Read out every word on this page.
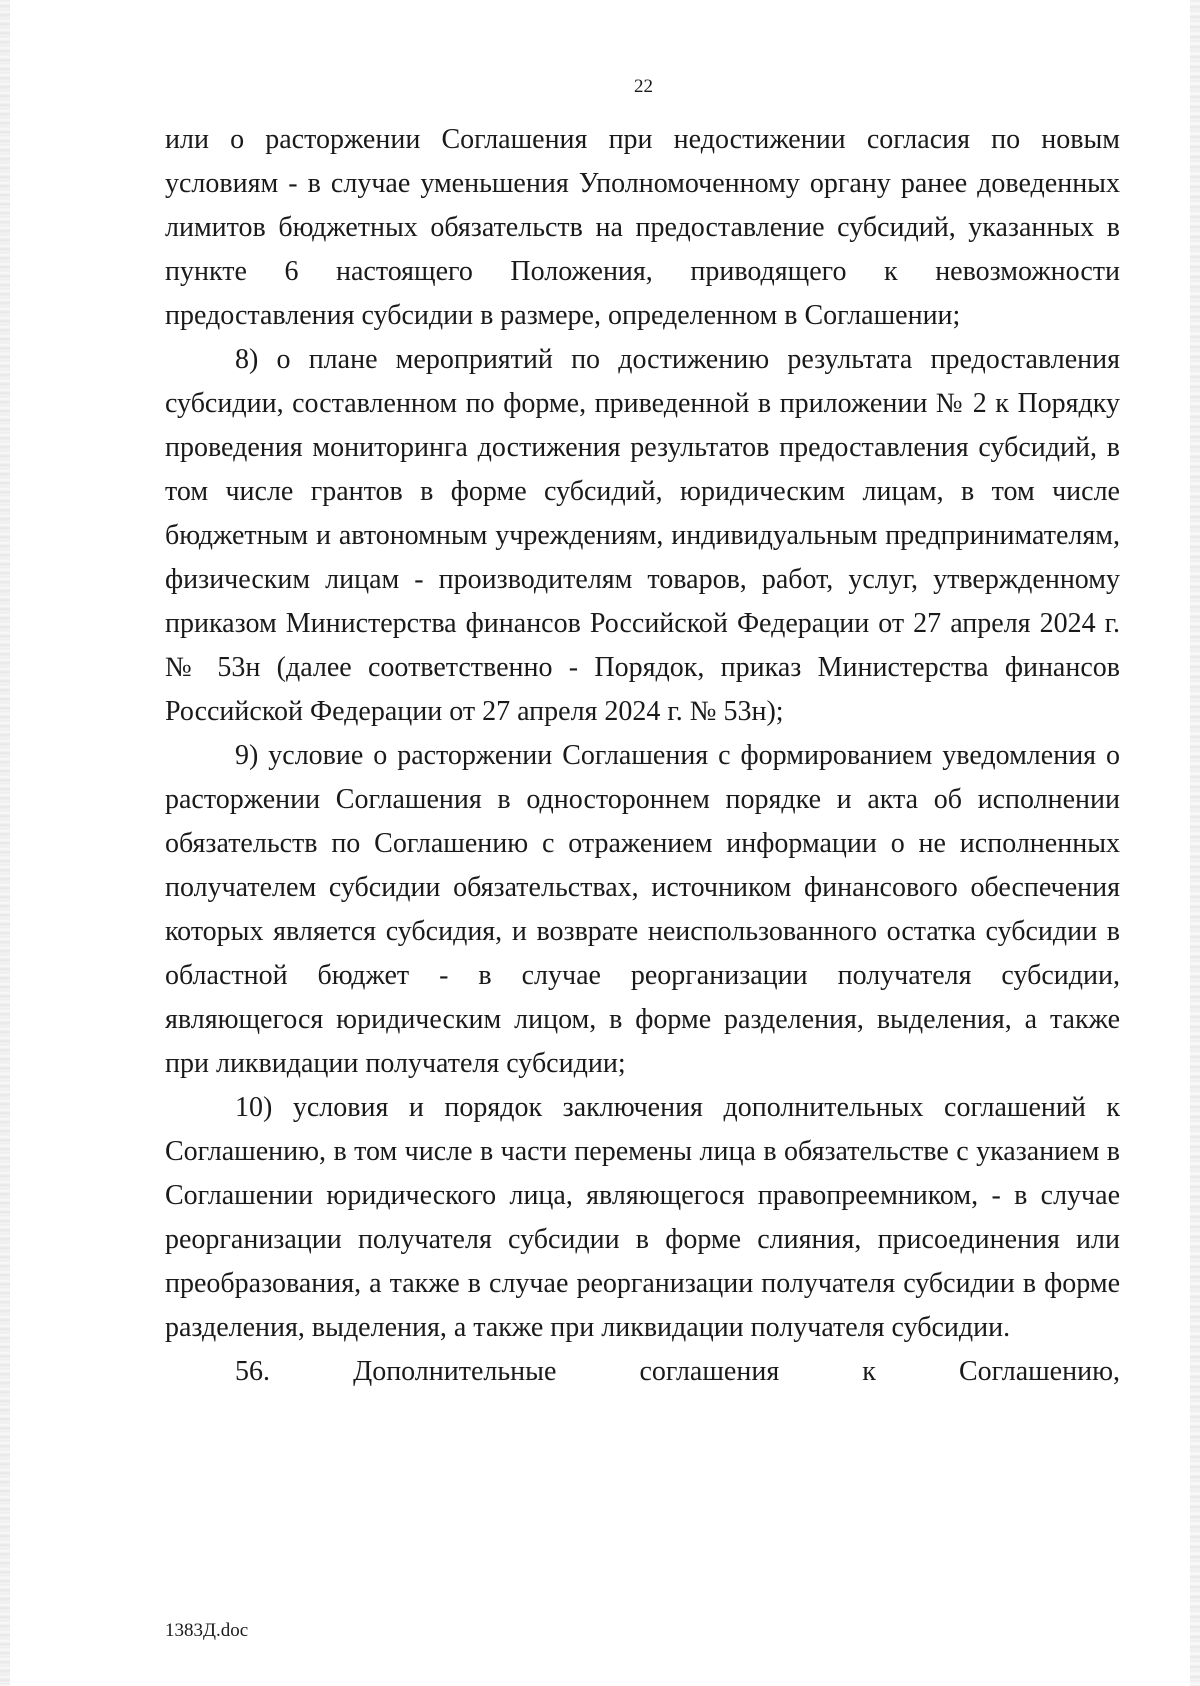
22

или о расторжении Соглашения при недостижении согласия по новым условиям - в случае уменьшения Уполномоченному органу ранее доведенных лимитов бюджетных обязательств на предоставление субсидий, указанных в пункте 6 настоящего Положения, приводящего к невозможности предоставления субсидии в размере, определенном в Соглашении;

8) о плане мероприятий по достижению результата предоставления субсидии, составленном по форме, приведенной в приложении № 2 к Порядку проведения мониторинга достижения результатов предоставления субсидий, в том числе грантов в форме субсидий, юридическим лицам, в том числе бюджетным и автономным учреждениям, индивидуальным предпринимателям, физическим лицам - производителям товаров, работ, услуг, утвержденному приказом Министерства финансов Российской Федерации от 27 апреля 2024 г. № 53н (далее соответственно - Порядок, приказ Министерства финансов Российской Федерации от 27 апреля 2024 г. № 53н);

9) условие о расторжении Соглашения с формированием уведомления о расторжении Соглашения в одностороннем порядке и акта об исполнении обязательств по Соглашению с отражением информации о не исполненных получателем субсидии обязательствах, источником финансового обеспечения которых является субсидия, и возврате неиспользованного остатка субсидии в областной бюджет - в случае реорганизации получателя субсидии, являющегося юридическим лицом, в форме разделения, выделения, а также при ликвидации получателя субсидии;

10) условия и порядок заключения дополнительных соглашений к Соглашению, в том числе в части перемены лица в обязательстве с указанием в Соглашении юридического лица, являющегося правопреемником, - в случае реорганизации получателя субсидии в форме слияния, присоединения или преобразования, а также в случае реорганизации получателя субсидии в форме разделения, выделения, а также при ликвидации получателя субсидии.

56. Дополнительные соглашения к Соглашению,

1383Д.doc
